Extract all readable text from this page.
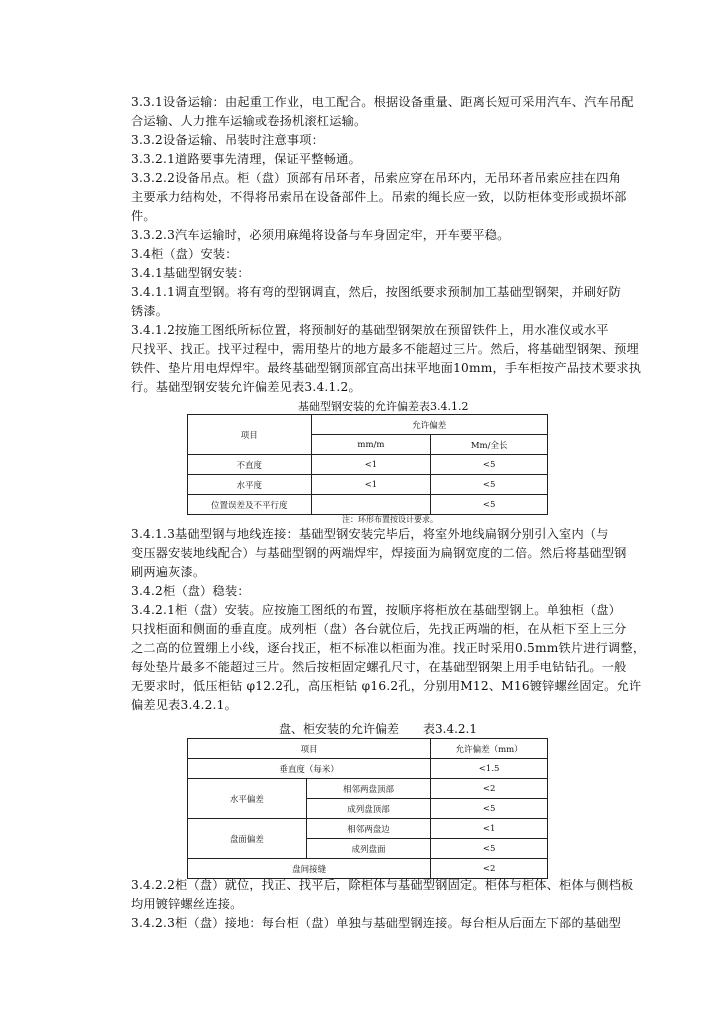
3.3.1设备运输：由起重工作业，电工配合。根据设备重量、距离长短可采用汽车、汽车吊配

合运输、人力推车运输或卷扬机滚杠运输。

3.3.2设备运输、吊装时注意事项：

3.3.2.1道路要事先清理，保证平整畅通。

3.3.2.2设备吊点。柜（盘）顶部有吊环者，吊索应穿在吊环内，无吊环者吊索应挂在四角

主要承力结构处，不得将吊索吊在设备部件上。吊索的绳长应一致，以防柜体变形或损坏部

件。

3.3.2.3汽车运输时，必须用麻绳将设备与车身固定牢，开车要平稳。

3.4柜（盘）安装：

3.4.1基础型钢安装：

3.4.1.1调直型钢。将有弯的型钢调直，然后，按图纸要求预制加工基础型钢架，并刷好防

锈漆。

3.4.1.2按施工图纸所标位置，将预制好的基础型钢架放在预留铁件上，用水准仪或水平

尺找平、找正。找平过程中，需用垫片的地方最多不能超过三片。然后，将基础型钢架、预埋

铁件、垫片用电焊焊牢。最终基础型钢顶部宜高出抹平地面10mm，手车柜按产品技术要求执

行。基础型钢安装允许偏差见表3.4.1.2。

基础型钢安装的允许偏差表3.4.1.2

项目	允许偏差	
	mm/m	Mm/全长
不直度	<1	<5
水平度	<1	<5
位置误差及不平行度		<5

注：环形布置按设计要求。

3.4.1.3基础型钢与地线连接：基础型钢安装完毕后，将室外地线扁钢分别引入室内（与

变压器安装地线配合）与基础型钢的两端焊牢，焊接面为扁钢宽度的二倍。然后将基础型钢

刷两遍灰漆。

3.4.2柜（盘）稳装：

3.4.2.1柜（盘）安装。应按施工图纸的布置，按顺序将柜放在基础型钢上。单独柜（盘）

只找柜面和侧面的垂直度。成列柜（盘）各台就位后，先找正两端的柜，在从柜下至上三分

之二高的位置绷上小线，逐台找正，柜不标准以柜面为准。找正时采用0.5mm铁片进行调整，

每处垫片最多不能超过三片。然后按柜固定螺孔尺寸，在基础型钢架上用手电钻钻孔。一般

无要求时，低压柜钻 φ12.2孔，高压柜钻 φ16.2孔，分别用M12、M16镀锌螺丝固定。允许

偏差见表3.4.2.1。

盘、柜安装的允许偏差　　表3.4.2.1

项目		允许偏差（mm）
垂直度（每米）		<1.5
水平偏差	相邻两盘顶部	<2
	成列盘顶部	<5
盘面偏差	相邻两盘边	<1
	成列盘面	<5
盘间接缝		<2

3.4.2.2柜（盘）就位，找正、找平后，除柜体与基础型钢固定。柜体与柜体、柜体与侧档板

均用镀锌螺丝连接。

3.4.2.3柜（盘）接地：每台柜（盘）单独与基础型钢连接。每台柜从后面左下部的基础型
